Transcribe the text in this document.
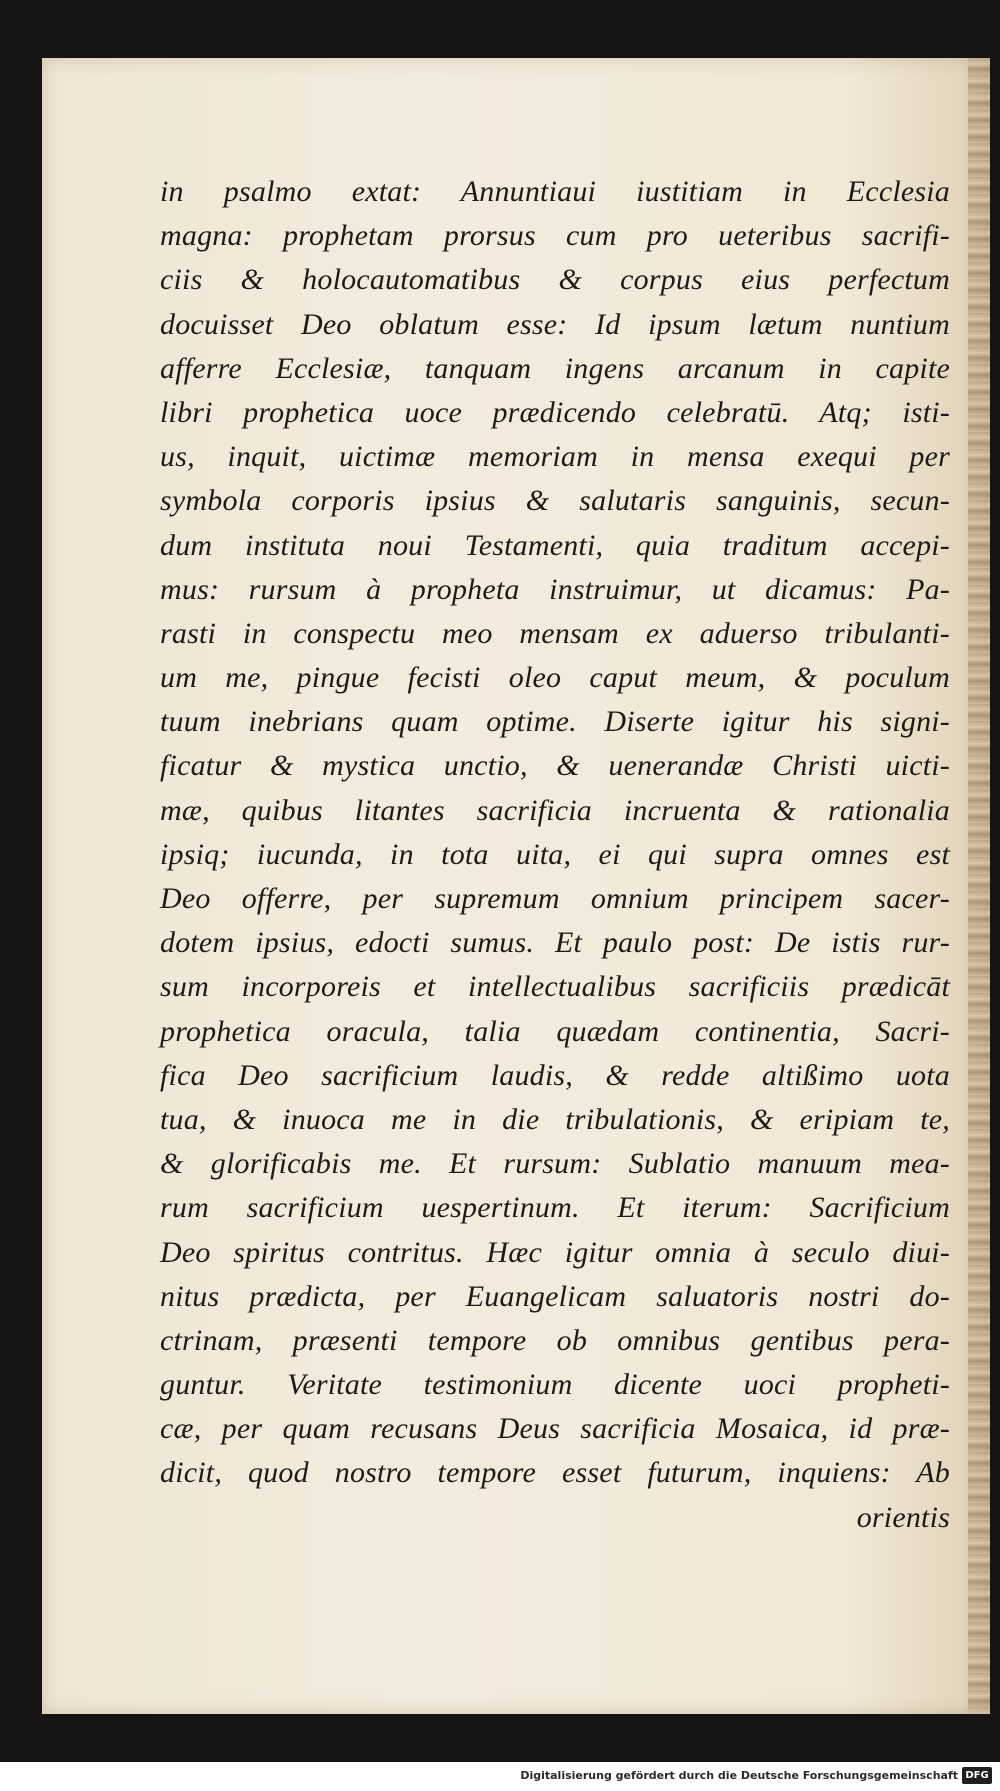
in psalmo extat: Annuntiaui iustitiam in Ecclesia
magna: prophetam prorsus cum pro ueteribus sacrifi-
ciis & holocautomatibus & corpus eius perfectum
docuisset Deo oblatum esse: Id ipsum lætum nuntium
afferre Ecclesiæ, tanquam ingens arcanum in capite
libri prophetica uoce prædicendo celebratū. Atq; isti-
us, inquit, uictimæ memoriam in mensa exequi per
symbola corporis ipsius & salutaris sanguinis, secun-
dum instituta noui Testamenti, quia traditum accepi-
mus: rursum à propheta instruimur, ut dicamus: Pa-
rasti in conspectu meo mensam ex aduerso tribulanti-
um me, pingue fecisti oleo caput meum, & poculum
tuum inebrians quam optime. Diserte igitur his signi-
ficatur & mystica unctio, & uenerandæ Christi uicti-
mæ, quibus litantes sacrificia incruenta & rationalia
ipsiq; iucunda, in tota uita, ei qui supra omnes est
Deo offerre, per supremum omnium principem sacer-
dotem ipsius, edocti sumus. Et paulo post: De istis rur-
sum incorporeis et intellectualibus sacrificiis prædicāt
prophetica oracula, talia quædam continentia, Sacri-
fica Deo sacrificium laudis, & redde altißimo uota
tua, & inuoca me in die tribulationis, & eripiam te,
& glorificabis me. Et rursum: Sublatio manuum mea-
rum sacrificium uespertinum. Et iterum: Sacrificium
Deo spiritus contritus. Hæc igitur omnia à seculo diui-
nitus prædicta, per Euangelicam saluatoris nostri do-
ctrinam, præsenti tempore ob omnibus gentibus pera-
guntur. Veritate testimonium dicente uoci propheti-
cæ, per quam recusans Deus sacrificia Mosaica, id præ-
dicit, quod nostro tempore esset futurum, inquiens: Ab
orientis
Digitalisierung gefördert durch die Deutsche Forschungsgemeinschaft DFG
